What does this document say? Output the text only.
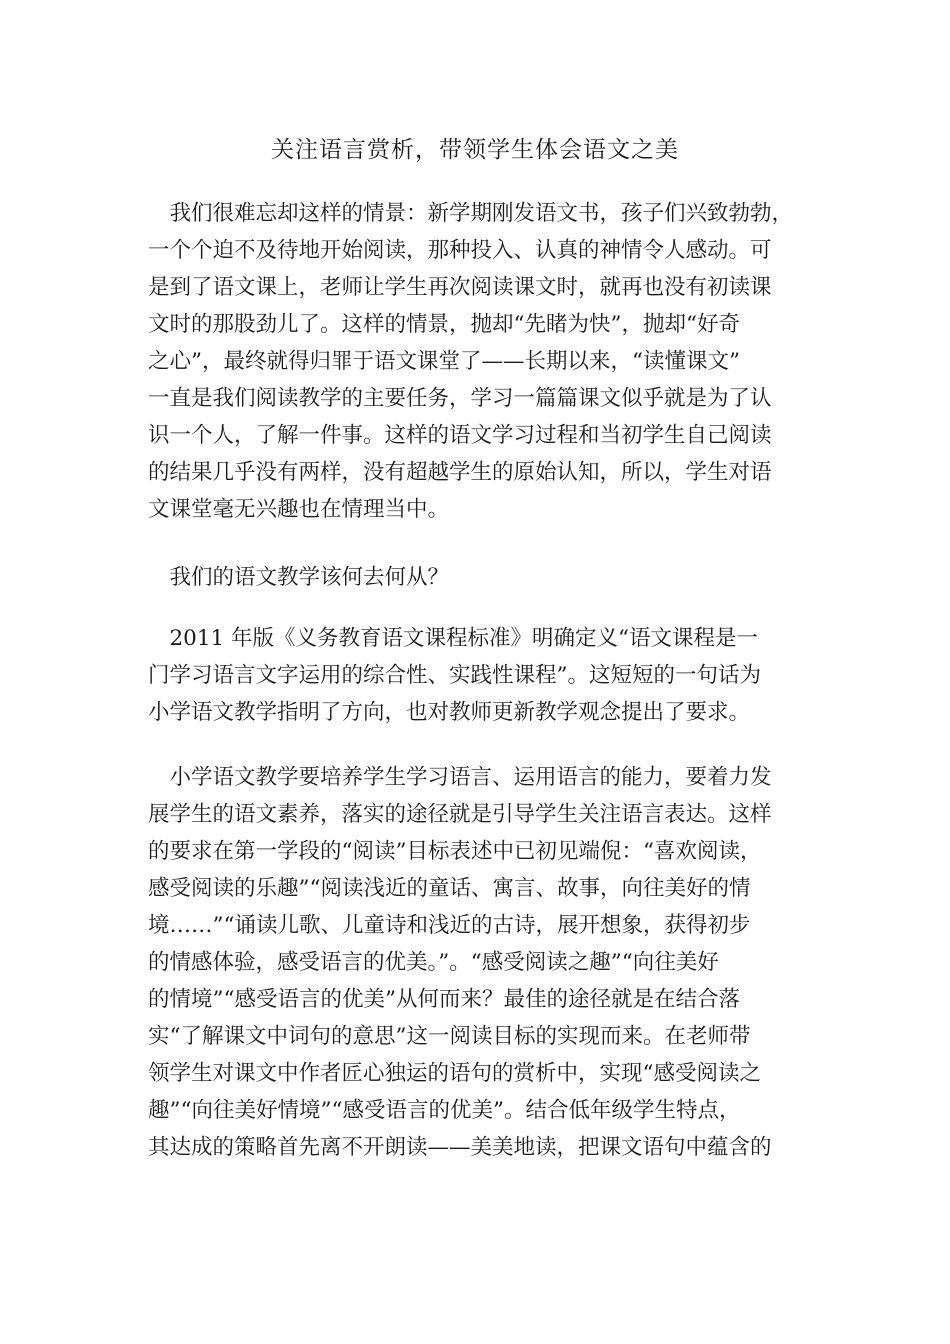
关注语言赏析，带领学生体会语文之美
　我们很难忘却这样的情景：新学期刚发语文书，孩子们兴致勃勃，
一个个迫不及待地开始阅读，那种投入、认真的神情令人感动。可
是到了语文课上，老师让学生再次阅读课文时，就再也没有初读课
文时的那股劲儿了。这样的情景，抛却“先睹为快”，抛却“好奇
之心”，最终就得归罪于语文课堂了——长期以来，“读懂课文”
一直是我们阅读教学的主要任务，学习一篇篇课文似乎就是为了认
识一个人，了解一件事。这样的语文学习过程和当初学生自己阅读
的结果几乎没有两样，没有超越学生的原始认知，所以，学生对语
文课堂毫无兴趣也在情理当中。
　我们的语文教学该何去何从？
　2011 年版《义务教育语文课程标准》明确定义“语文课程是一
门学习语言文字运用的综合性、实践性课程”。这短短的一句话为
小学语文教学指明了方向，也对教师更新教学观念提出了要求。
　小学语文教学要培养学生学习语言、运用语言的能力，要着力发
展学生的语文素养，落实的途径就是引导学生关注语言表达。这样
的要求在第一学段的“阅读”目标表述中已初见端倪：“喜欢阅读，
感受阅读的乐趣”“阅读浅近的童话、寓言、故事，向往美好的情
境……”“诵读儿歌、儿童诗和浅近的古诗，展开想象，获得初步
的情感体验，感受语言的优美。”。“感受阅读之趣”“向往美好
的情境”“感受语言的优美”从何而来？最佳的途径就是在结合落
实“了解课文中词句的意思”这一阅读目标的实现而来。在老师带
领学生对课文中作者匠心独运的语句的赏析中，实现“感受阅读之
趣”“向往美好情境”“感受语言的优美”。结合低年级学生特点，
其达成的策略首先离不开朗读——美美地读，把课文语句中蕴含的
